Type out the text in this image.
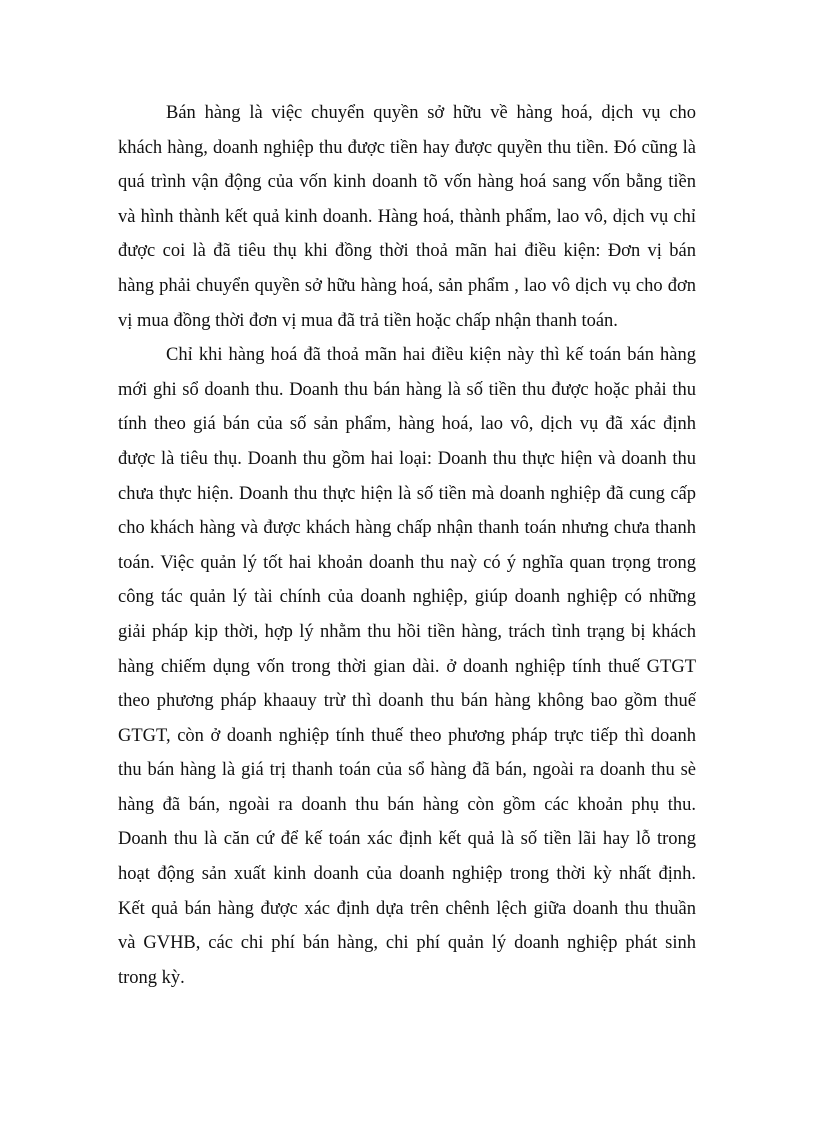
Bán hàng là việc chuyển quyền sở hữu về hàng hoá, dịch vụ cho
khách hàng, doanh nghiệp thu được tiền hay được quyền thu tiền. Đó cũng là
quá trình vận động của vốn kinh doanh tõ vốn hàng hoá sang vốn bằng tiền
và hình thành kết quả kinh doanh. Hàng hoá, thành phẩm, lao vô, dịch vụ chỉ
được coi là đã tiêu thụ khi đồng thời thoả mãn hai điều kiện: Đơn vị bán
hàng phải chuyển quyền sở hữu hàng hoá, sản phẩm , lao vô dịch vụ cho đơn
vị mua đồng thời đơn vị mua đã trả tiền hoặc chấp nhận thanh toán.
Chỉ khi hàng hoá đã thoả mãn hai điều kiện này thì kế toán bán hàng
mới ghi sổ doanh thu. Doanh thu bán hàng là số tiền thu được hoặc phải thu
tính theo giá bán của số sản phẩm, hàng hoá, lao vô, dịch vụ đã xác định
được là tiêu thụ. Doanh thu gồm hai loại: Doanh thu thực hiện và doanh thu
chưa thực hiện. Doanh thu thực hiện là số tiền mà doanh nghiệp đã cung cấp
cho khách hàng và được khách hàng chấp nhận thanh toán nhưng chưa thanh
toán. Việc quản lý tốt hai khoản doanh thu naỳ có ý nghĩa quan trọng trong
công tác quản lý tài chính của doanh nghiệp, giúp doanh nghiệp có những
giải pháp kịp thời, hợp lý nhằm thu hồi tiền hàng, trách tình trạng bị khách
hàng chiếm dụng vốn trong thời gian dài. ở doanh nghiệp tính thuế GTGT
theo phương pháp khaauy trừ thì doanh thu bán hàng không bao gồm thuế
GTGT, còn ở doanh nghiệp tính thuế theo phương pháp trực tiếp thì doanh
thu bán hàng là giá trị thanh toán của sổ hàng đã bán, ngoài ra doanh thu sè
hàng đã bán, ngoài ra doanh thu bán hàng còn gồm các khoản phụ thu.
Doanh thu là căn cứ để kế toán xác định kết quả là số tiền lãi hay lỗ trong
hoạt động sản xuất kinh doanh của doanh nghiệp trong thời kỳ nhất định.
Kết quả bán hàng được xác định dựa trên chênh lệch giữa doanh thu thuần
và GVHB, các chi phí bán hàng, chi phí quản lý doanh nghiệp phát sinh
trong kỳ.
